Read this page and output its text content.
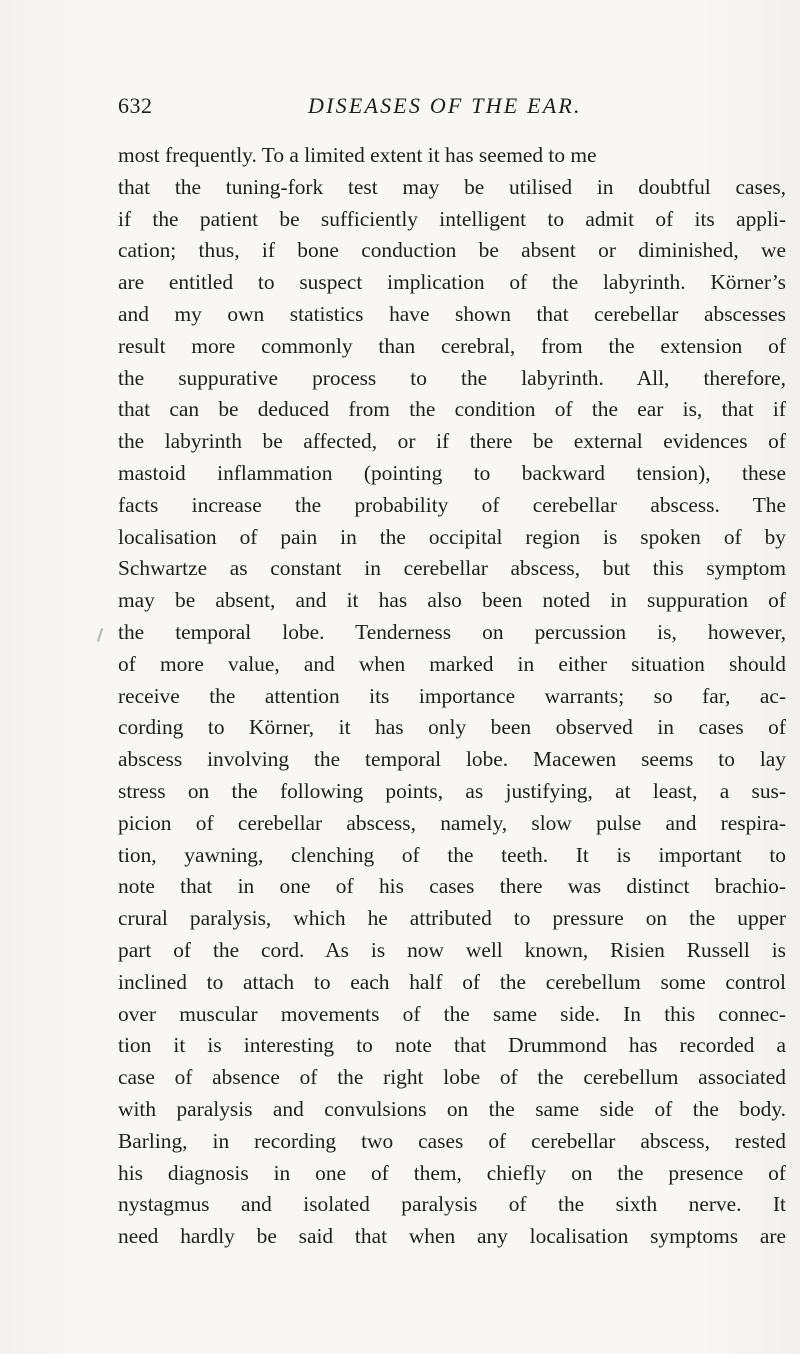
632	DISEASES OF THE EAR.
most frequently. To a limited extent it has seemed to me
that the tuning-fork test may be utilised in doubtful cases,
if the patient be sufficiently intelligent to admit of its appli-
cation; thus, if bone conduction be absent or diminished, we
are entitled to suspect implication of the labyrinth. Körner’s
and my own statistics have shown that cerebellar abscesses
result more commonly than cerebral, from the extension of
the suppurative process to the labyrinth. All, therefore,
that can be deduced from the condition of the ear is, that if
the labyrinth be affected, or if there be external evidences of
mastoid inflammation (pointing to backward tension), these
facts increase the probability of cerebellar abscess. The
localisation of pain in the occipital region is spoken of by
Schwartze as constant in cerebellar abscess, but this symptom
may be absent, and it has also been noted in suppuration of
the temporal lobe. Tenderness on percussion is, however,
of more value, and when marked in either situation should
receive the attention its importance warrants; so far, ac-
cording to Körner, it has only been observed in cases of
abscess involving the temporal lobe. Macewen seems to lay
stress on the following points, as justifying, at least, a sus-
picion of cerebellar abscess, namely, slow pulse and respira-
tion, yawning, clenching of the teeth. It is important to
note that in one of his cases there was distinct brachio-
crural paralysis, which he attributed to pressure on the upper
part of the cord. As is now well known, Risien Russell is
inclined to attach to each half of the cerebellum some control
over muscular movements of the same side. In this connec-
tion it is interesting to note that Drummond has recorded a
case of absence of the right lobe of the cerebellum associated
with paralysis and convulsions on the same side of the body.
Barling, in recording two cases of cerebellar abscess, rested
his diagnosis in one of them, chiefly on the presence of
nystagmus and isolated paralysis of the sixth nerve. It
need hardly be said that when any localisation symptoms are
